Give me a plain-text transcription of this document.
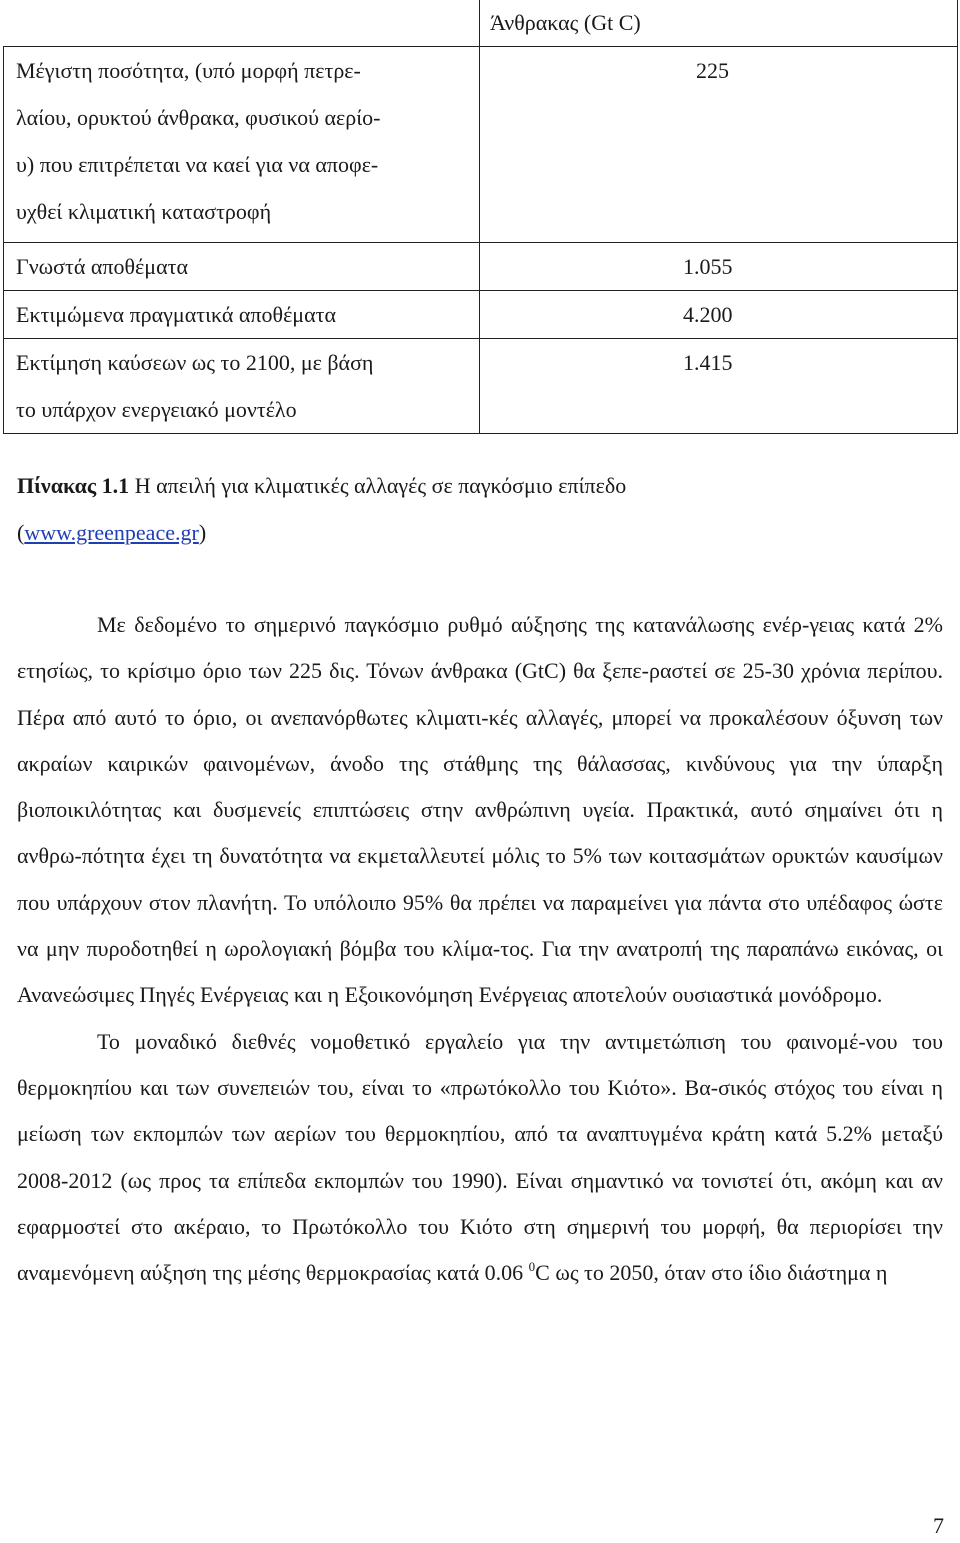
	Άνθρακας (Gt C)

Μέγιστη ποσότητα, (υπό μορφή πετρε-
λαίου, ορυκτού άνθρακα, φυσικού αερίο-
υ) που επιτρέπεται να καεί για να αποφε-
υχθεί κλιματική καταστροφή	225
Γνωστά αποθέματα	1.055
Εκτιμώμενα πραγματικά αποθέματα	4.200

Εκτίμηση καύσεων ως το 2100, με βάση
το υπάρχον ενεργειακό μοντέλο	1.415
Πίνακας 1.1 Η απειλή για κλιματικές αλλαγές σε παγκόσμιο επίπεδο
(www.greenpeace.gr)

Με δεδομένο το σημερινό παγκόσμιο ρυθμό αύξησης της κατανάλωσης ενέρ-γειας κατά 2% ετησίως, το κρίσιμο όριο των 225 δις. Τόνων άνθρακα (GtC) θα ξεπε-ραστεί σε 25-30 χρόνια περίπου. Πέρα από αυτό το όριο, οι ανεπανόρθωτες κλιματι-κές αλλαγές, μπορεί να προκαλέσουν όξυνση των ακραίων καιρικών φαινομένων, άνοδο της στάθμης της θάλασσας, κινδύνους για την ύπαρξη βιοποικιλότητας και δυσμενείς επιπτώσεις στην ανθρώπινη υγεία. Πρακτικά, αυτό σημαίνει ότι η ανθρω-πότητα έχει τη δυνατότητα να εκμεταλλευτεί μόλις το 5% των κοιτασμάτων ορυκτών καυσίμων που υπάρχουν στον πλανήτη. Το υπόλοιπο 95% θα πρέπει να παραμείνει για πάντα στο υπέδαφος ώστε να μην πυροδοτηθεί η ωρολογιακή βόμβα του κλίμα-τος. Για την ανατροπή της παραπάνω εικόνας, οι Ανανεώσιμες Πηγές Ενέργειας και η Εξοικονόμηση Ενέργειας αποτελούν ουσιαστικά μονόδρομο.

Το μοναδικό διεθνές νομοθετικό εργαλείο για την αντιμετώπιση του φαινομέ-νου του θερμοκηπίου και των συνεπειών του, είναι το «πρωτόκολλο του Κιότο». Βα-σικός στόχος του είναι η μείωση των εκπομπών των αερίων του θερμοκηπίου, από τα αναπτυγμένα κράτη κατά 5.2% μεταξύ 2008-2012 (ως προς τα επίπεδα εκπομπών του 1990). Είναι σημαντικό να τονιστεί ότι, ακόμη και αν εφαρμοστεί στο ακέραιο, το Πρωτόκολλο του Κιότο στη σημερινή του μορφή, θα περιορίσει την αναμενόμενη αύξηση της μέσης θερμοκρασίας κατά 0.06 $^0$C ως το 2050, όταν στο ίδιο διάστημα η

7
